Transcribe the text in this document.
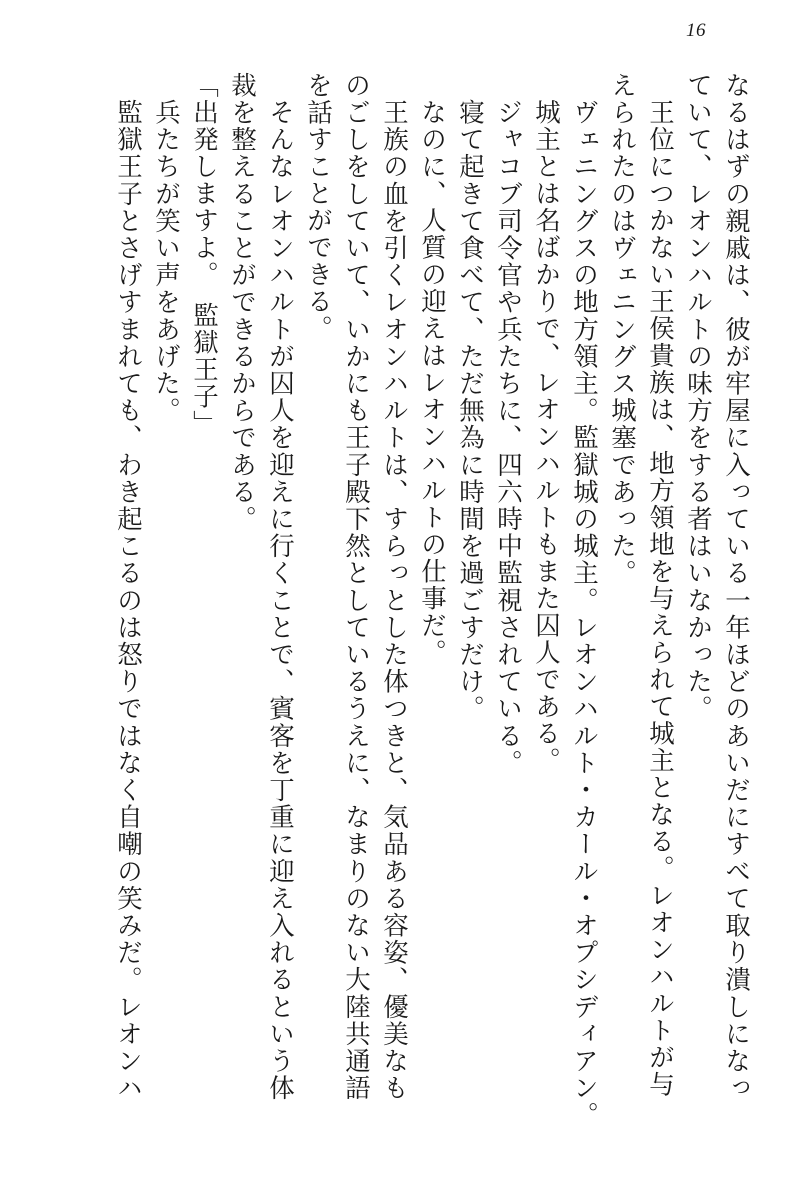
16
なるはずの親戚は、彼が牢屋に入っている一年ほどのあいだにすべて取り潰しになっ
ていて、レオンハルトの味方をする者はいなかった。
　王位につかない王侯貴族は、地方領地を与えられて城主となる。レオンハルトが与
えられたのはヴェニングス城塞であった。
　ヴェニングスの地方領主。監獄城の城主。レオンハルト・カール・オプシディアン。
　城主とは名ばかりで、レオンハルトもまた囚人である。
　ジャコブ司令官や兵たちに、四六時中監視されている。
　寝て起きて食べて、ただ無為に時間を過ごすだけ。
　なのに、人質の迎えはレオンハルトの仕事だ。
　王族の血を引くレオンハルトは、すらっとした体つきと、気品ある容姿、優美なも
のごしをしていて、いかにも王子殿下然としているうえに、なまりのない大陸共通語
を話すことができる。
　そんなレオンハルトが囚人を迎えに行くことで、賓客を丁重に迎え入れるという体
裁を整えることができるからである。
「出発しますよ。　監獄王子」
　兵たちが笑い声をあげた。
　監獄王子とさげすまれても、わき起こるのは怒りではなく自嘲の笑みだ。レオンハ
